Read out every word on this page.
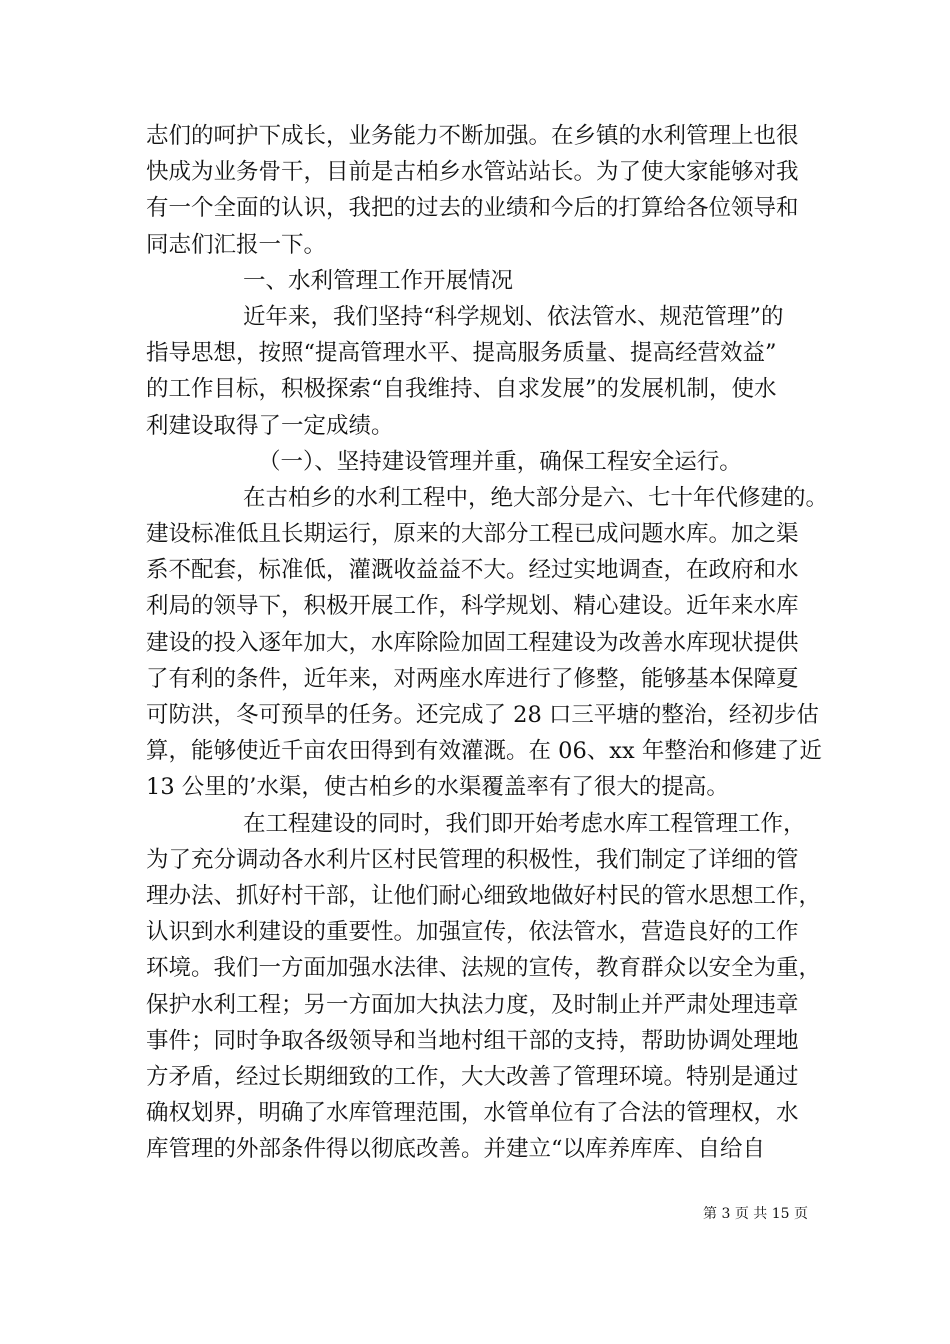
志们的呵护下成长，业务能力不断加强。在乡镇的水利管理上也很
快成为业务骨干，目前是古柏乡水管站站长。为了使大家能够对我
有一个全面的认识，我把的过去的业绩和今后的打算给各位领导和
同志们汇报一下。
一、水利管理工作开展情况
近年来，我们坚持“科学规划、依法管水、规范管理”的
指导思想，按照“提高管理水平、提高服务质量、提高经营效益”
的工作目标，积极探索“自我维持、自求发展”的发展机制，使水
利建设取得了一定成绩。
（一）、坚持建设管理并重，确保工程安全运行。
在古柏乡的水利工程中，绝大部分是六、七十年代修建的。
建设标准低且长期运行，原来的大部分工程已成问题水库。加之渠
系不配套，标准低，灌溉收益益不大。经过实地调查，在政府和水
利局的领导下，积极开展工作，科学规划、精心建设。近年来水库
建设的投入逐年加大，水库除险加固工程建设为改善水库现状提供
了有利的条件，近年来，对两座水库进行了修整，能够基本保障夏
可防洪，冬可预旱的任务。还完成了 28 口三平塘的整治，经初步估
算，能够使近千亩农田得到有效灌溉。在 06、xx 年整治和修建了近
13 公里的’水渠，使古柏乡的水渠覆盖率有了很大的提高。
在工程建设的同时，我们即开始考虑水库工程管理工作，
为了充分调动各水利片区村民管理的积极性，我们制定了详细的管
理办法、抓好村干部，让他们耐心细致地做好村民的管水思想工作，
认识到水利建设的重要性。加强宣传，依法管水，营造良好的工作
环境。我们一方面加强水法律、法规的宣传，教育群众以安全为重，
保护水利工程；另一方面加大执法力度，及时制止并严肃处理违章
事件；同时争取各级领导和当地村组干部的支持，帮助协调处理地
方矛盾，经过长期细致的工作，大大改善了管理环境。特别是通过
确权划界，明确了水库管理范围，水管单位有了合法的管理权，水
库管理的外部条件得以彻底改善。并建立“以库养库库、自给自
第 3 页 共 15 页
